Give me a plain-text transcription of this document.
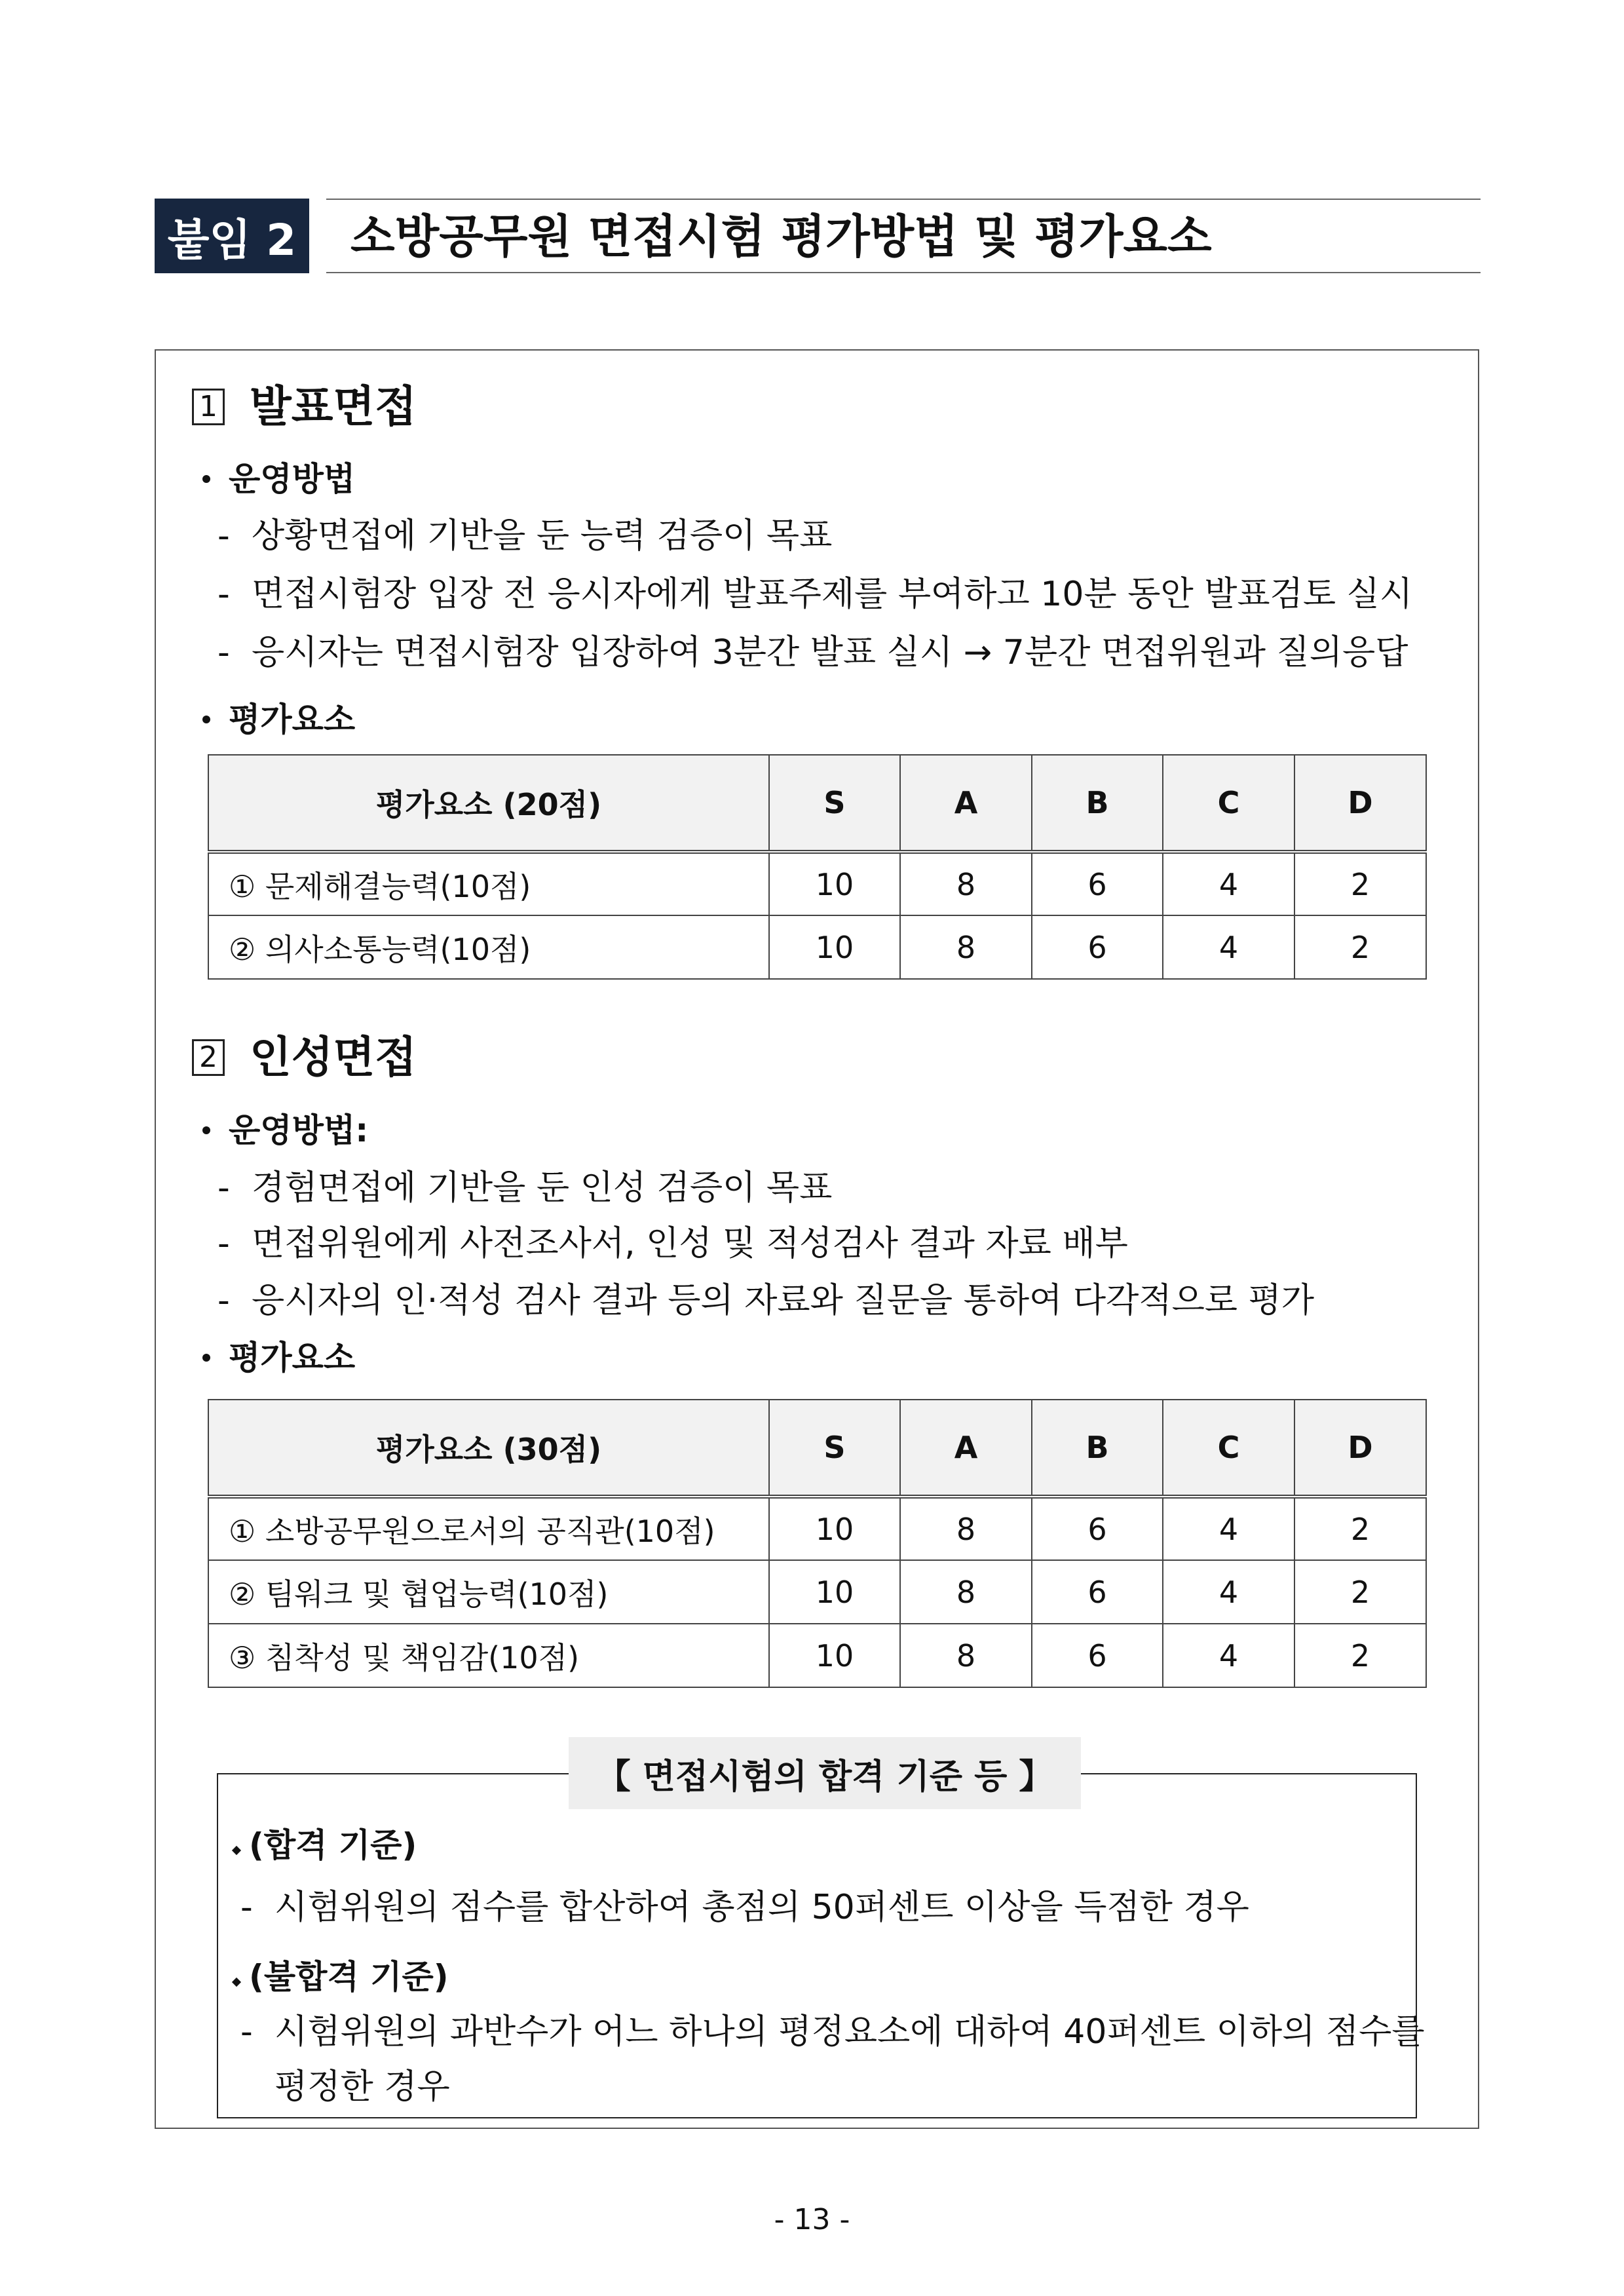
붙임 2 소방공무원 면접시험 평가방법 및 평가요소
1 발표면접
운영방법
- 상황면접에 기반을 둔 능력 검증이 목표
- 면접시험장 입장 전 응시자에게 발표주제를 부여하고 10분 동안 발표검토 실시
- 응시자는 면접시험장 입장하여 3분간 발표 실시 → 7분간 면접위원과 질의응답
평가요소
평가요소 (20점)	S	A	B	C	D
① 문제해결능력(10점)	10	8	6	4	2
② 의사소통능력(10점)	10	8	6	4	2
2 인성면접
운영방법:
- 경험면접에 기반을 둔 인성 검증이 목표
- 면접위원에게 사전조사서, 인성 및 적성검사 결과 자료 배부
- 응시자의 인·적성 검사 결과 등의 자료와 질문을 통하여 다각적으로 평가
평가요소
평가요소 (30점)	S	A	B	C	D
① 소방공무원으로서의 공직관(10점)	10	8	6	4	2
② 팀워크 및 협업능력(10점)	10	8	6	4	2
③ 침착성 및 책임감(10점)	10	8	6	4	2
【 면접시험의 합격 기준 등 】
(합격 기준)
- 시험위원의 점수를 합산하여 총점의 50퍼센트 이상을 득점한 경우
(불합격 기준)
- 시험위원의 과반수가 어느 하나의 평정요소에 대하여 40퍼센트 이하의 점수를
평정한 경우
- 13 -
